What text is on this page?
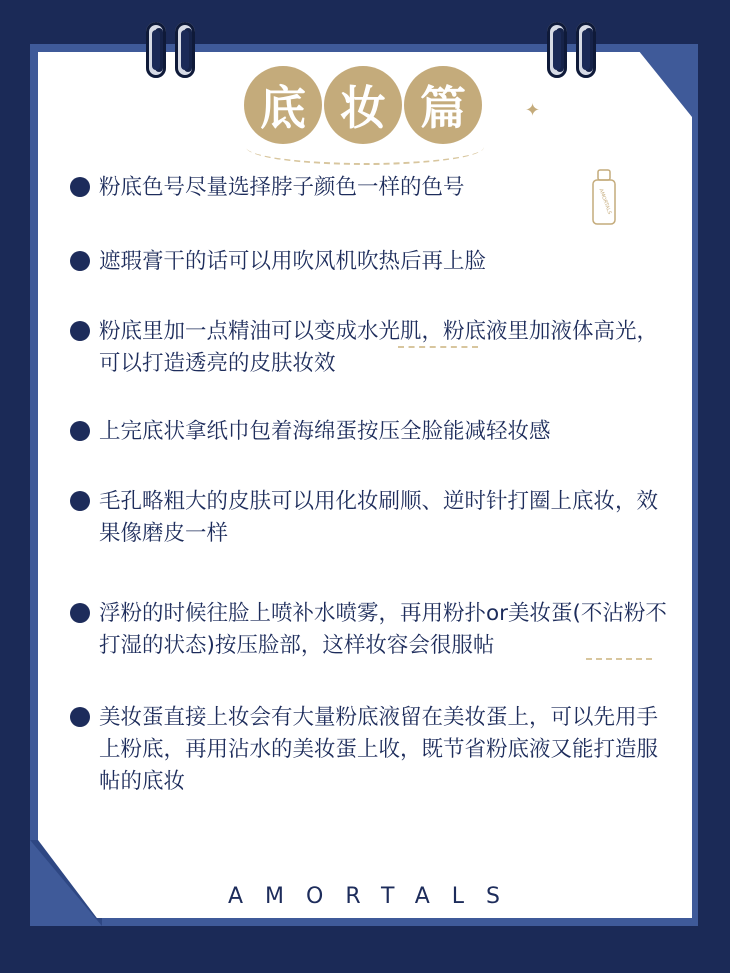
底 妆 篇	✦
AMORTALS
粉底色号尽量选择脖子颜色一样的色号
遮瑕膏干的话可以用吹风机吹热后再上脸
粉底里加一点精油可以变成水光肌，粉底液里加液体高光，可以打造透亮的皮肤妆效
上完底状拿纸巾包着海绵蛋按压全脸能减轻妆感
毛孔略粗大的皮肤可以用化妆刷顺、逆时针打圈上底妆，效果像磨皮一样
浮粉的时候往脸上喷补水喷雾，再用粉扑or美妆蛋(不沾粉不打湿的状态)按压脸部，这样妆容会很服帖
美妆蛋直接上妆会有大量粉底液留在美妆蛋上，可以先用手上粉底，再用沾水的美妆蛋上收，既节省粉底液又能打造服帖的底妆
AMORTALS
